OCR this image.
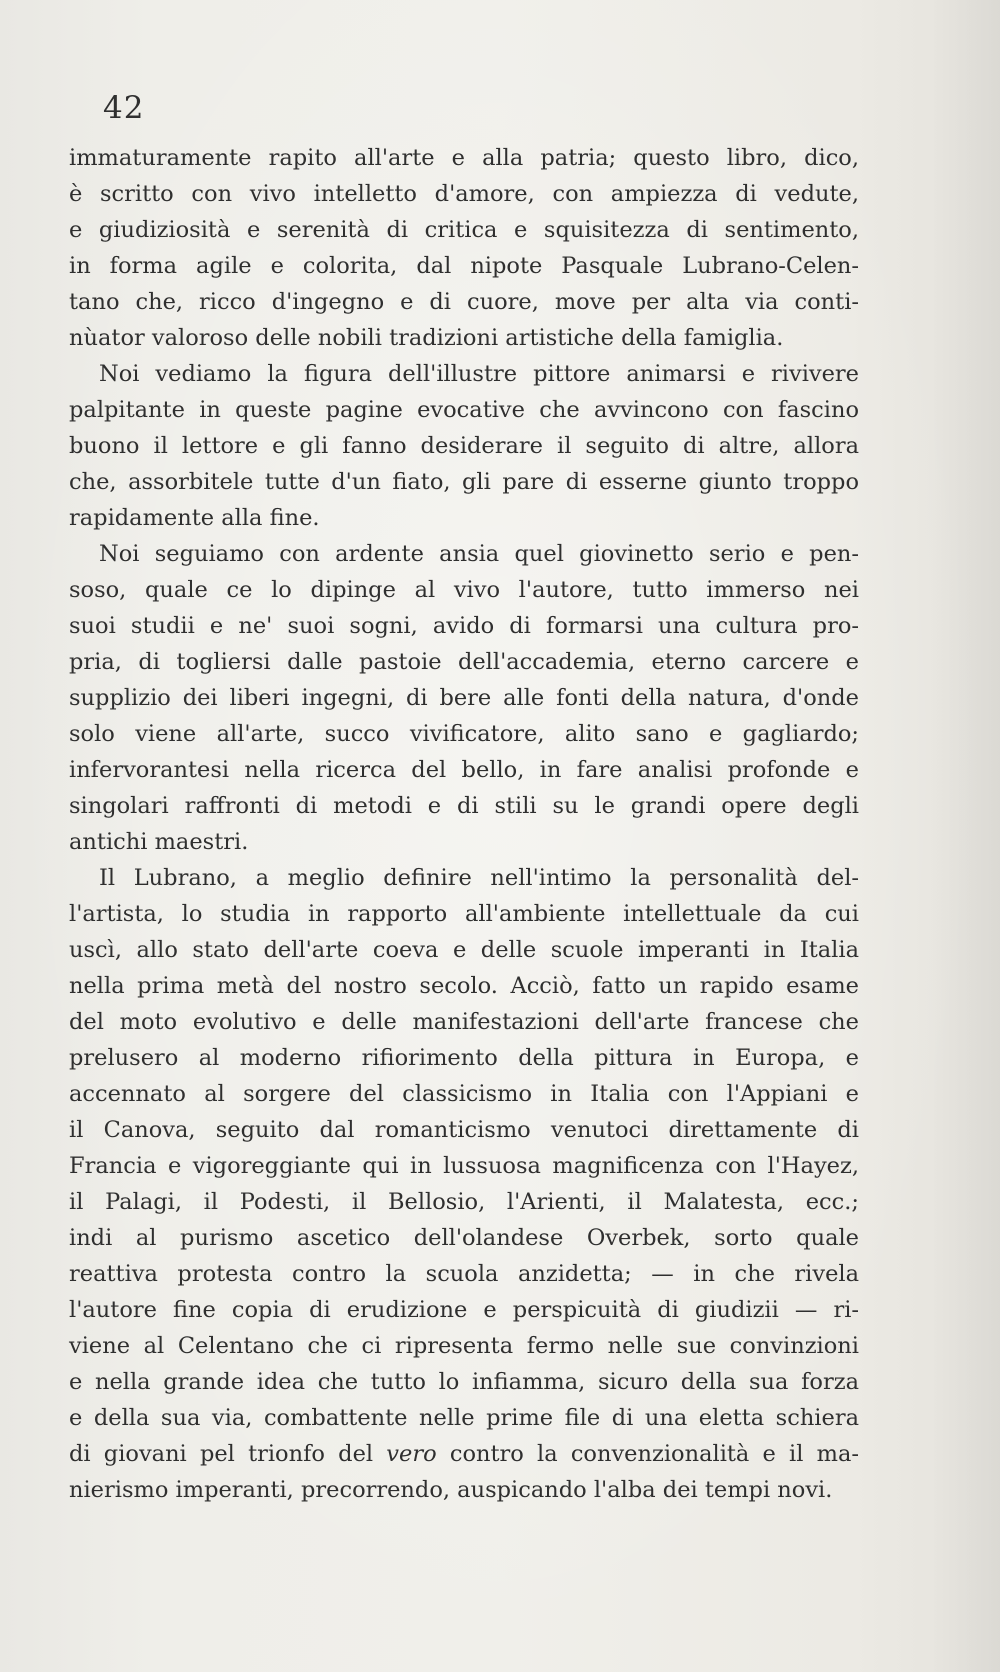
42
immaturamente rapito all'arte e alla patria; questo libro, dico,
è scritto con vivo intelletto d'amore, con ampiezza di vedute,
e giudiziosità e serenità di critica e squisitezza di sentimento,
in forma agile e colorita, dal nipote Pasquale Lubrano-Celen-
tano che, ricco d'ingegno e di cuore, move per alta via conti-
nùator valoroso delle nobili tradizioni artistiche della famiglia.
Noi vediamo la figura dell'illustre pittore animarsi e rivivere
palpitante in queste pagine evocative che avvincono con fascino
buono il lettore e gli fanno desiderare il seguito di altre, allora
che, assorbitele tutte d'un fiato, gli pare di esserne giunto troppo
rapidamente alla fine.
Noi seguiamo con ardente ansia quel giovinetto serio e pen-
soso, quale ce lo dipinge al vivo l'autore, tutto immerso nei
suoi studii e ne' suoi sogni, avido di formarsi una cultura pro-
pria, di togliersi dalle pastoie dell'accademia, eterno carcere e
supplizio dei liberi ingegni, di bere alle fonti della natura, d'onde
solo viene all'arte, succo vivificatore, alito sano e gagliardo;
infervorantesi nella ricerca del bello, in fare analisi profonde e
singolari raffronti di metodi e di stili su le grandi opere degli
antichi maestri.
Il Lubrano, a meglio definire nell'intimo la personalità del-
l'artista, lo studia in rapporto all'ambiente intellettuale da cui
uscì, allo stato dell'arte coeva e delle scuole imperanti in Italia
nella prima metà del nostro secolo. Acciò, fatto un rapido esame
del moto evolutivo e delle manifestazioni dell'arte francese che
prelusero al moderno rifiorimento della pittura in Europa, e
accennato al sorgere del classicismo in Italia con l'Appiani e
il Canova, seguito dal romanticismo venutoci direttamente di
Francia e vigoreggiante qui in lussuosa magnificenza con l'Hayez,
il Palagi, il Podesti, il Bellosio, l'Arienti, il Malatesta, ecc.;
indi al purismo ascetico dell'olandese Overbek, sorto quale
reattiva protesta contro la scuola anzidetta; — in che rivela
l'autore fine copia di erudizione e perspicuità di giudizii — ri-
viene al Celentano che ci ripresenta fermo nelle sue convinzioni
e nella grande idea che tutto lo infiamma, sicuro della sua forza
e della sua via, combattente nelle prime file di una eletta schiera
di giovani pel trionfo del vero contro la convenzionalità e il ma-
nierismo imperanti, precorrendo, auspicando l'alba dei tempi novi.
